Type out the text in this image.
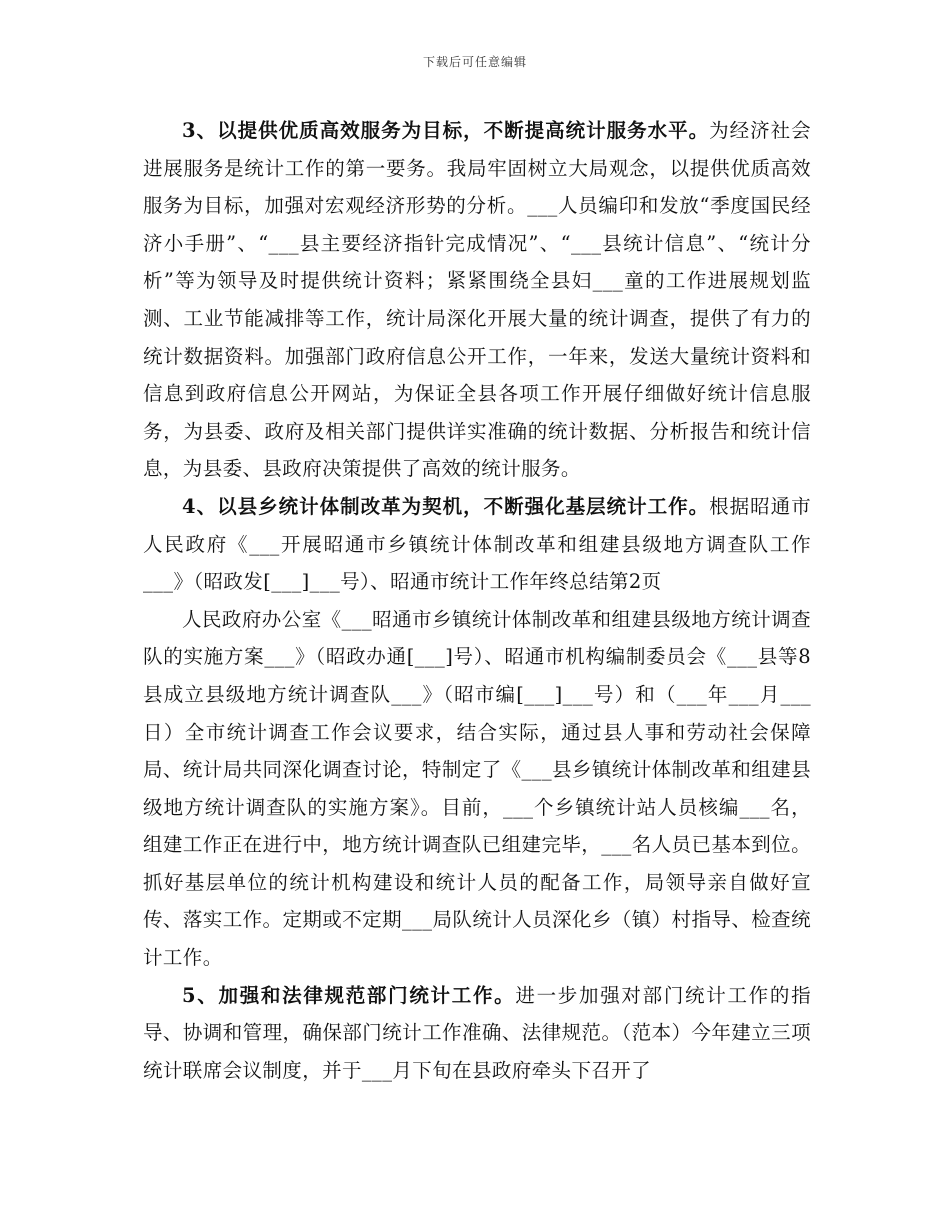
下载后可任意编辑

3、以提供优质高效服务为目标，不断提高统计服务水平。为经济社会进展服务是统计工作的第一要务。我局牢固树立大局观念，以提供优质高效服务为目标，加强对宏观经济形势的分析。___人员编印和发放“季度国民经济小手册”、“___县主要经济指针完成情况”、“___县统计信息”、“统计分析”等为领导及时提供统计资料；紧紧围绕全县妇___童的工作进展规划监测、工业节能减排等工作，统计局深化开展大量的统计调查，提供了有力的统计数据资料。加强部门政府信息公开工作，一年来，发送大量统计资料和信息到政府信息公开网站，为保证全县各项工作开展仔细做好统计信息服务，为县委、政府及相关部门提供详实准确的统计数据、分析报告和统计信息，为县委、县政府决策提供了高效的统计服务。

4、以县乡统计体制改革为契机，不断强化基层统计工作。根据昭通市人民政府《___开展昭通市乡镇统计体制改革和组建县级地方调查队工作___》（昭政发[___]___号）、昭通市统计工作年终总结第2页

人民政府办公室《___昭通市乡镇统计体制改革和组建县级地方统计调查队的实施方案___》（昭政办通[___]号）、昭通市机构编制委员会《___县等8县成立县级地方统计调查队___》（昭市编[___]___号）和（___年___月___日）全市统计调查工作会议要求，结合实际，通过县人事和劳动社会保障局、统计局共同深化调查讨论，特制定了《___县乡镇统计体制改革和组建县级地方统计调查队的实施方案》。目前，___个乡镇统计站人员核编___名，组建工作正在进行中，地方统计调查队已组建完毕，___名人员已基本到位。抓好基层单位的统计机构建设和统计人员的配备工作，局领导亲自做好宣传、落实工作。定期或不定期___局队统计人员深化乡（镇）村指导、检查统计工作。

5、加强和法律规范部门统计工作。进一步加强对部门统计工作的指导、协调和管理，确保部门统计工作准确、法律规范。（范本）今年建立三项统计联席会议制度，并于___月下旬在县政府牵头下召开了
